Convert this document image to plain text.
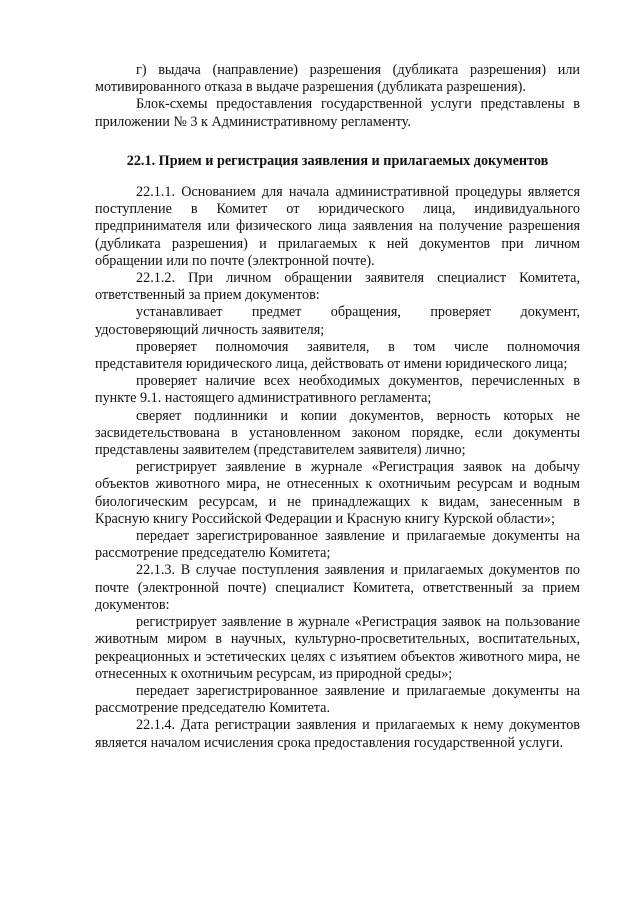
г) выдача (направление) разрешения (дубликата разрешения) или мотивированного отказа в выдаче разрешения (дубликата разрешения).

Блок-схемы предоставления государственной услуги представлены в приложении № 3 к Административному регламенту.

22.1. Прием и регистрация заявления и прилагаемых документов

22.1.1. Основанием для начала административной процедуры является поступление в Комитет от юридического лица, индивидуального предпринимателя или физического лица заявления на получение разрешения (дубликата разрешения) и прилагаемых к ней документов при личном обращении или по почте (электронной почте).

22.1.2. При личном обращении заявителя специалист Комитета, ответственный за прием документов:

устанавливает предмет обращения, проверяет документ, удостоверяющий личность заявителя;

проверяет полномочия заявителя, в том числе полномочия представителя юридического лица, действовать от имени юридического лица;

проверяет наличие всех необходимых документов, перечисленных в пункте 9.1. настоящего административного регламента;

сверяет подлинники и копии документов, верность которых не засвидетельствована в установленном законом порядке, если документы представлены заявителем (представителем заявителя) лично;

регистрирует заявление в журнале «Регистрация заявок на добычу объектов животного мира, не отнесенных к охотничьим ресурсам и водным биологическим ресурсам, и не принадлежащих к видам, занесенным в Красную книгу Российской Федерации и Красную книгу Курской области»;

передает зарегистрированное заявление и прилагаемые документы на рассмотрение председателю Комитета;

22.1.3. В случае поступления заявления и прилагаемых документов по почте (электронной почте) специалист Комитета, ответственный за прием документов:

регистрирует заявление в журнале «Регистрация заявок на пользование животным миром в научных, культурно-просветительных, воспитательных, рекреационных и эстетических целях с изъятием объектов животного мира, не отнесенных к охотничьим ресурсам, из природной среды»;

передает зарегистрированное заявление и прилагаемые документы на рассмотрение председателю Комитета.

22.1.4. Дата регистрации заявления и прилагаемых к нему документов является началом исчисления срока предоставления государственной услуги.
